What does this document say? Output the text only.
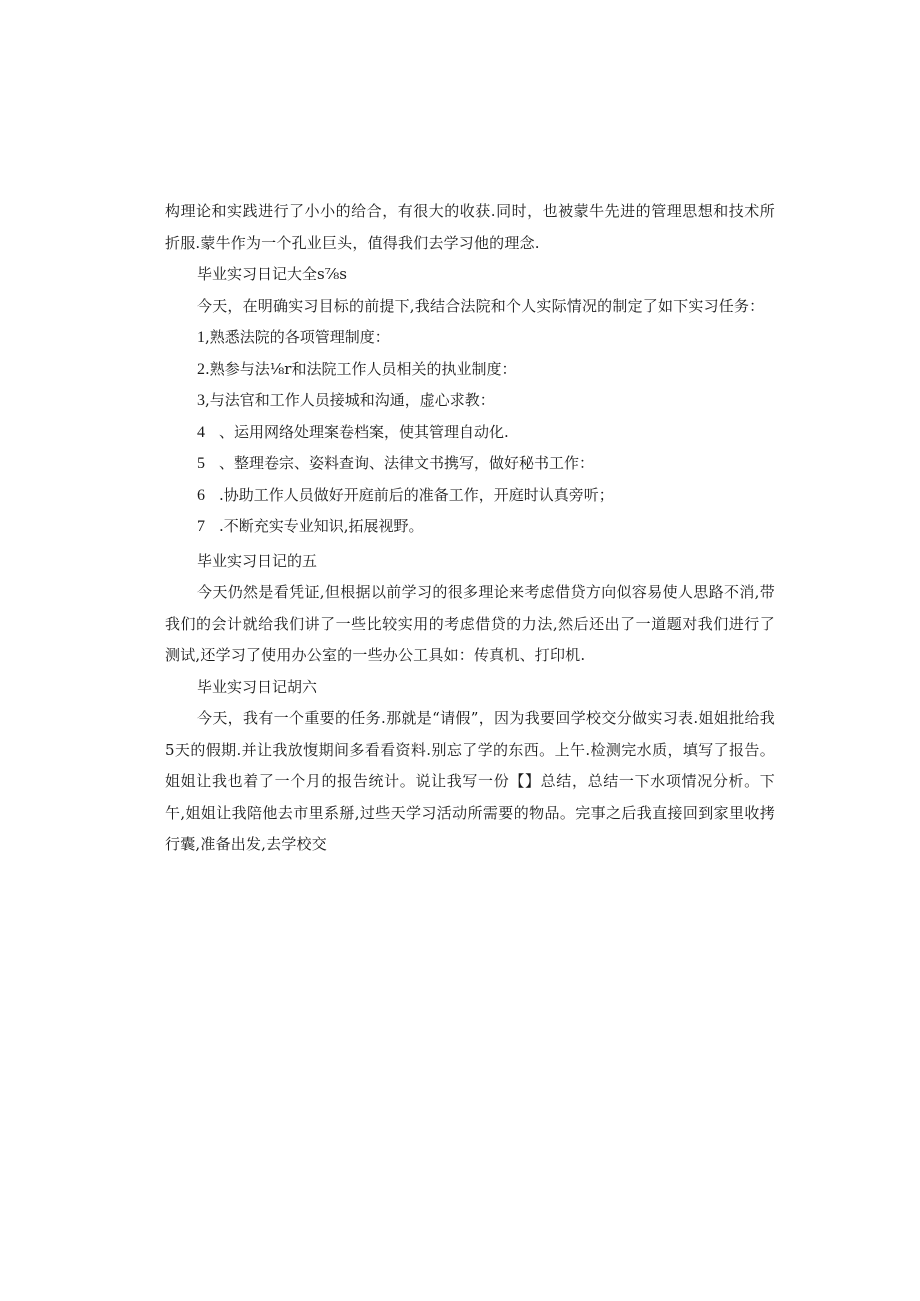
构理论和实践进行了小小的给合，有很大的收获.同时，也被蒙牛先进的管理思想和技术所折服.蒙牛作为一个孔业巨头，值得我们去学习他的理念.

毕业实习日记大全s⅞s

今天，在明确实习目标的前提下,我结合法院和个人实际情况的制定了如下实习任务：

1,熟悉法院的各项管理制度：
2.熟参与法⅛r和法院工作人员相关的执业制度：
3,与法官和工作人员接城和沟通，虚心求教：
4 、运用网络处理案卷档案，使其管理自动化.
5 、整理卷宗、姿料查询、法律文书携写，做好秘书工作：
6 .协助工作人员做好开庭前后的准备工作，开庭时认真旁听；
7 .不断充实专业知识,拓展视野。

毕业实习日记的五

今天仍然是看凭证,但根据以前学习的很多理论来考虑借贷方向似容易使人思路不消,带我们的会计就给我们讲了一些比较实用的考虑借贷的力法,然后还出了一道题对我们进行了测试,还学习了使用办公室的一些办公工具如：传真机、打印机.

毕业实习日记胡六

今天，我有一个重要的任务.那就是“请假”，因为我要回学校交分做实习表.姐姐批给我5天的假期.并让我放愎期间多看看资料.别忘了学的东西。上午.检测完水质，填写了报告。姐姐让我也着了一个月的报告统计。说让我写一份【】总结，总结一下水项情况分析。下午,姐姐让我陪他去市里系掰,过些天学习活动所需要的物品。完事之后我直接回到家里收拷行囊,准备出发,去学校交
